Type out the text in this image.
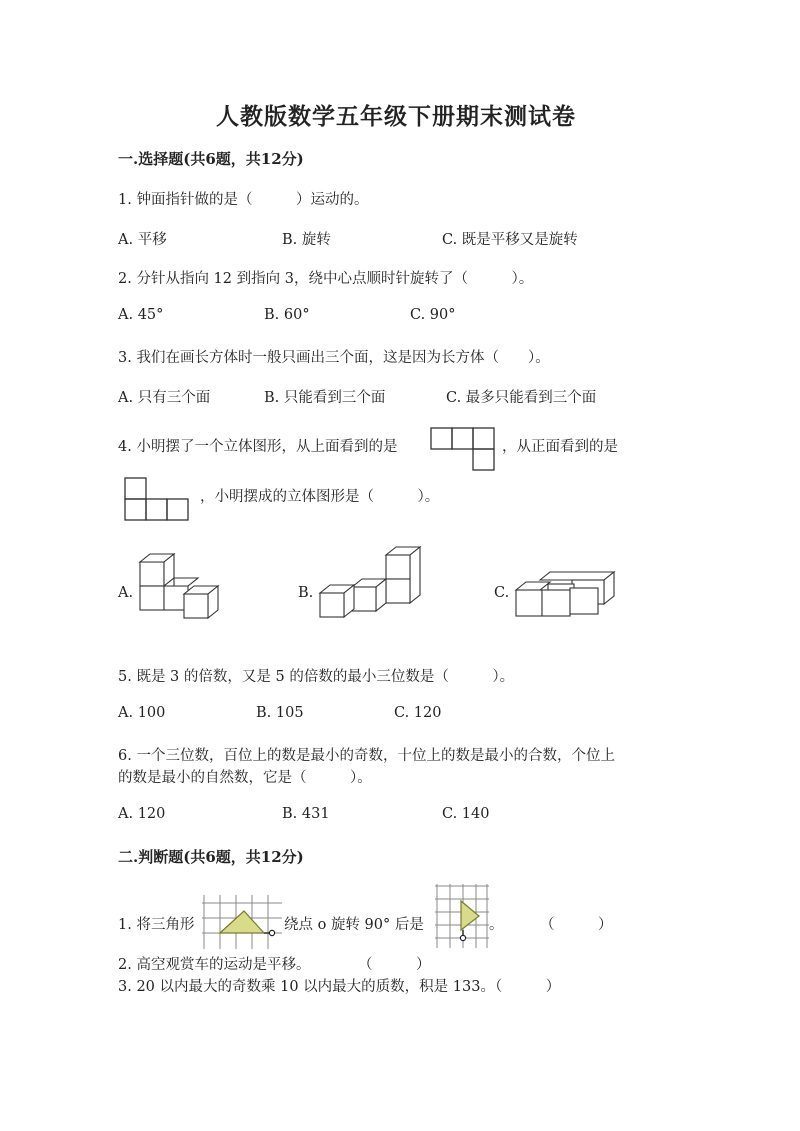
人教版数学五年级下册期末测试卷
一.选择题(共6题，共12分)
1. 钟面指针做的是（　　　）运动的。
A. 平移	B. 旋转	C. 既是平移又是旋转
2. 分针从指向 12 到指向 3，绕中心点顺时针旋转了（　　　）。
A. 45°	B. 60°	C. 90°
3. 我们在画长方体时一般只画出三个面，这是因为长方体（　　）。
A. 只有三个面	B. 只能看到三个面	C. 最多只能看到三个面
4. 小明摆了一个立体图形，从上面看到的是	，从正面看到的是
，小明摆成的立体图形是（　　　）。
A.	B.	C.
5. 既是 3 的倍数，又是 5 的倍数的最小三位数是（　　　）。
A. 100	B. 105	C. 120
6. 一个三位数，百位上的数是最小的奇数，十位上的数是最小的合数，个位上
的数是最小的自然数，它是（　　　）。
A. 120	B. 431	C. 140
二.判断题(共6题，共12分)
1. 将三角形	绕点 o 旋转 90° 后是	。	（　　　）
2. 高空观赏车的运动是平移。	（　　　）
3. 20 以内最大的奇数乘 10 以内最大的质数，积是 133。（　　　）
